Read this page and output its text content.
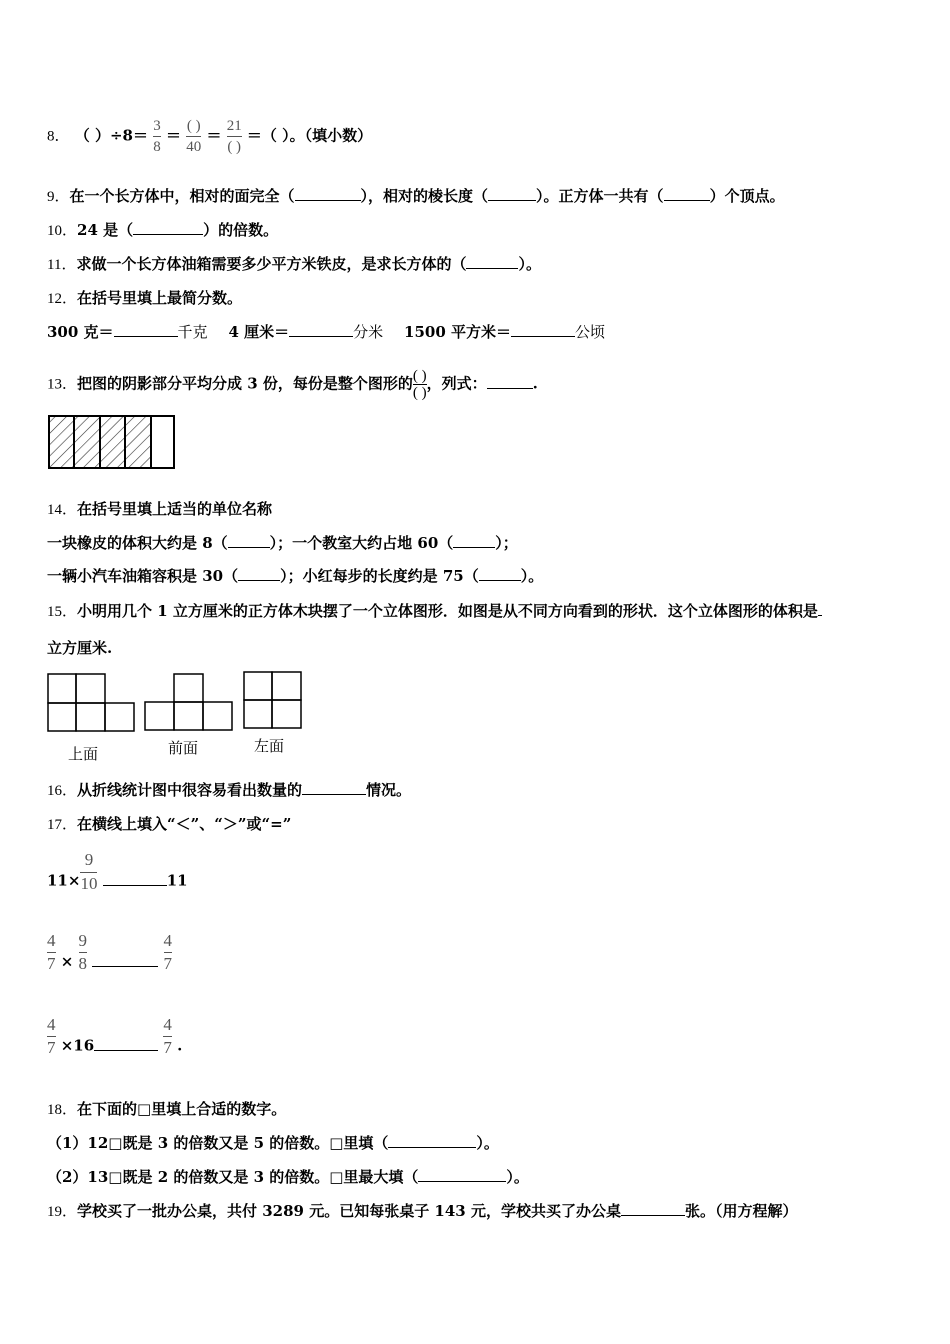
8． （ ）$\div 8= \frac{3}{8} = \frac{( )}{40} = \frac{21}{( )}$ ＝（ ）。（填小数）
9．在一个长方体中，相对的面完全（	），相对的棱长度（	）。正方体一共有（	）个顶点。
10．24 是（	）的倍数。
11．求做一个长方体油箱需要多少平方米铁皮，是求长方体的（	）。
12．在括号里填上最简分数。
300 克＝	千克 4 厘米＝	分米 1500 平方米＝	公顷
13．把图的阴影部分平均分成 3 份，每份是整个图形的 $\frac{( )}{( )}$ ，列式：	.
14．在括号里填上适当的单位名称
一块橡皮的体积大约是 8（	）；一个教室大约占地 60（	）；
一辆小汽车油箱容积是 30（	）；小红每步的长度约是 75（	）。
15．小明用几个 1 立方厘米的正方体木块摆了一个立体图形．如图是从不同方向看到的形状．这个立体图形的体积是
立方厘米.
上面	前面	左面
16．从折线统计图中很容易看出数量的	情况。
17．在横线上填入“＜”、“＞”或“=”
$11\times \frac{9}{10}$	11
$\frac{4}{7} \times \frac{9}{8}$
	$\frac{4}{7}$
$\frac{4}{7} \times 16$	$\frac{4}{7}$ .
18．在下面的□里填上合适的数字。
（1）12□既是 3 的倍数又是 5 的倍数。□里填（	）。
（2）13□既是 2 的倍数又是 3 的倍数。□里最大填（	）。
19．学校买了一批办公桌，共付 3289 元。已知每张桌子 143 元，学校共买了办公桌	张。（用方程解）
